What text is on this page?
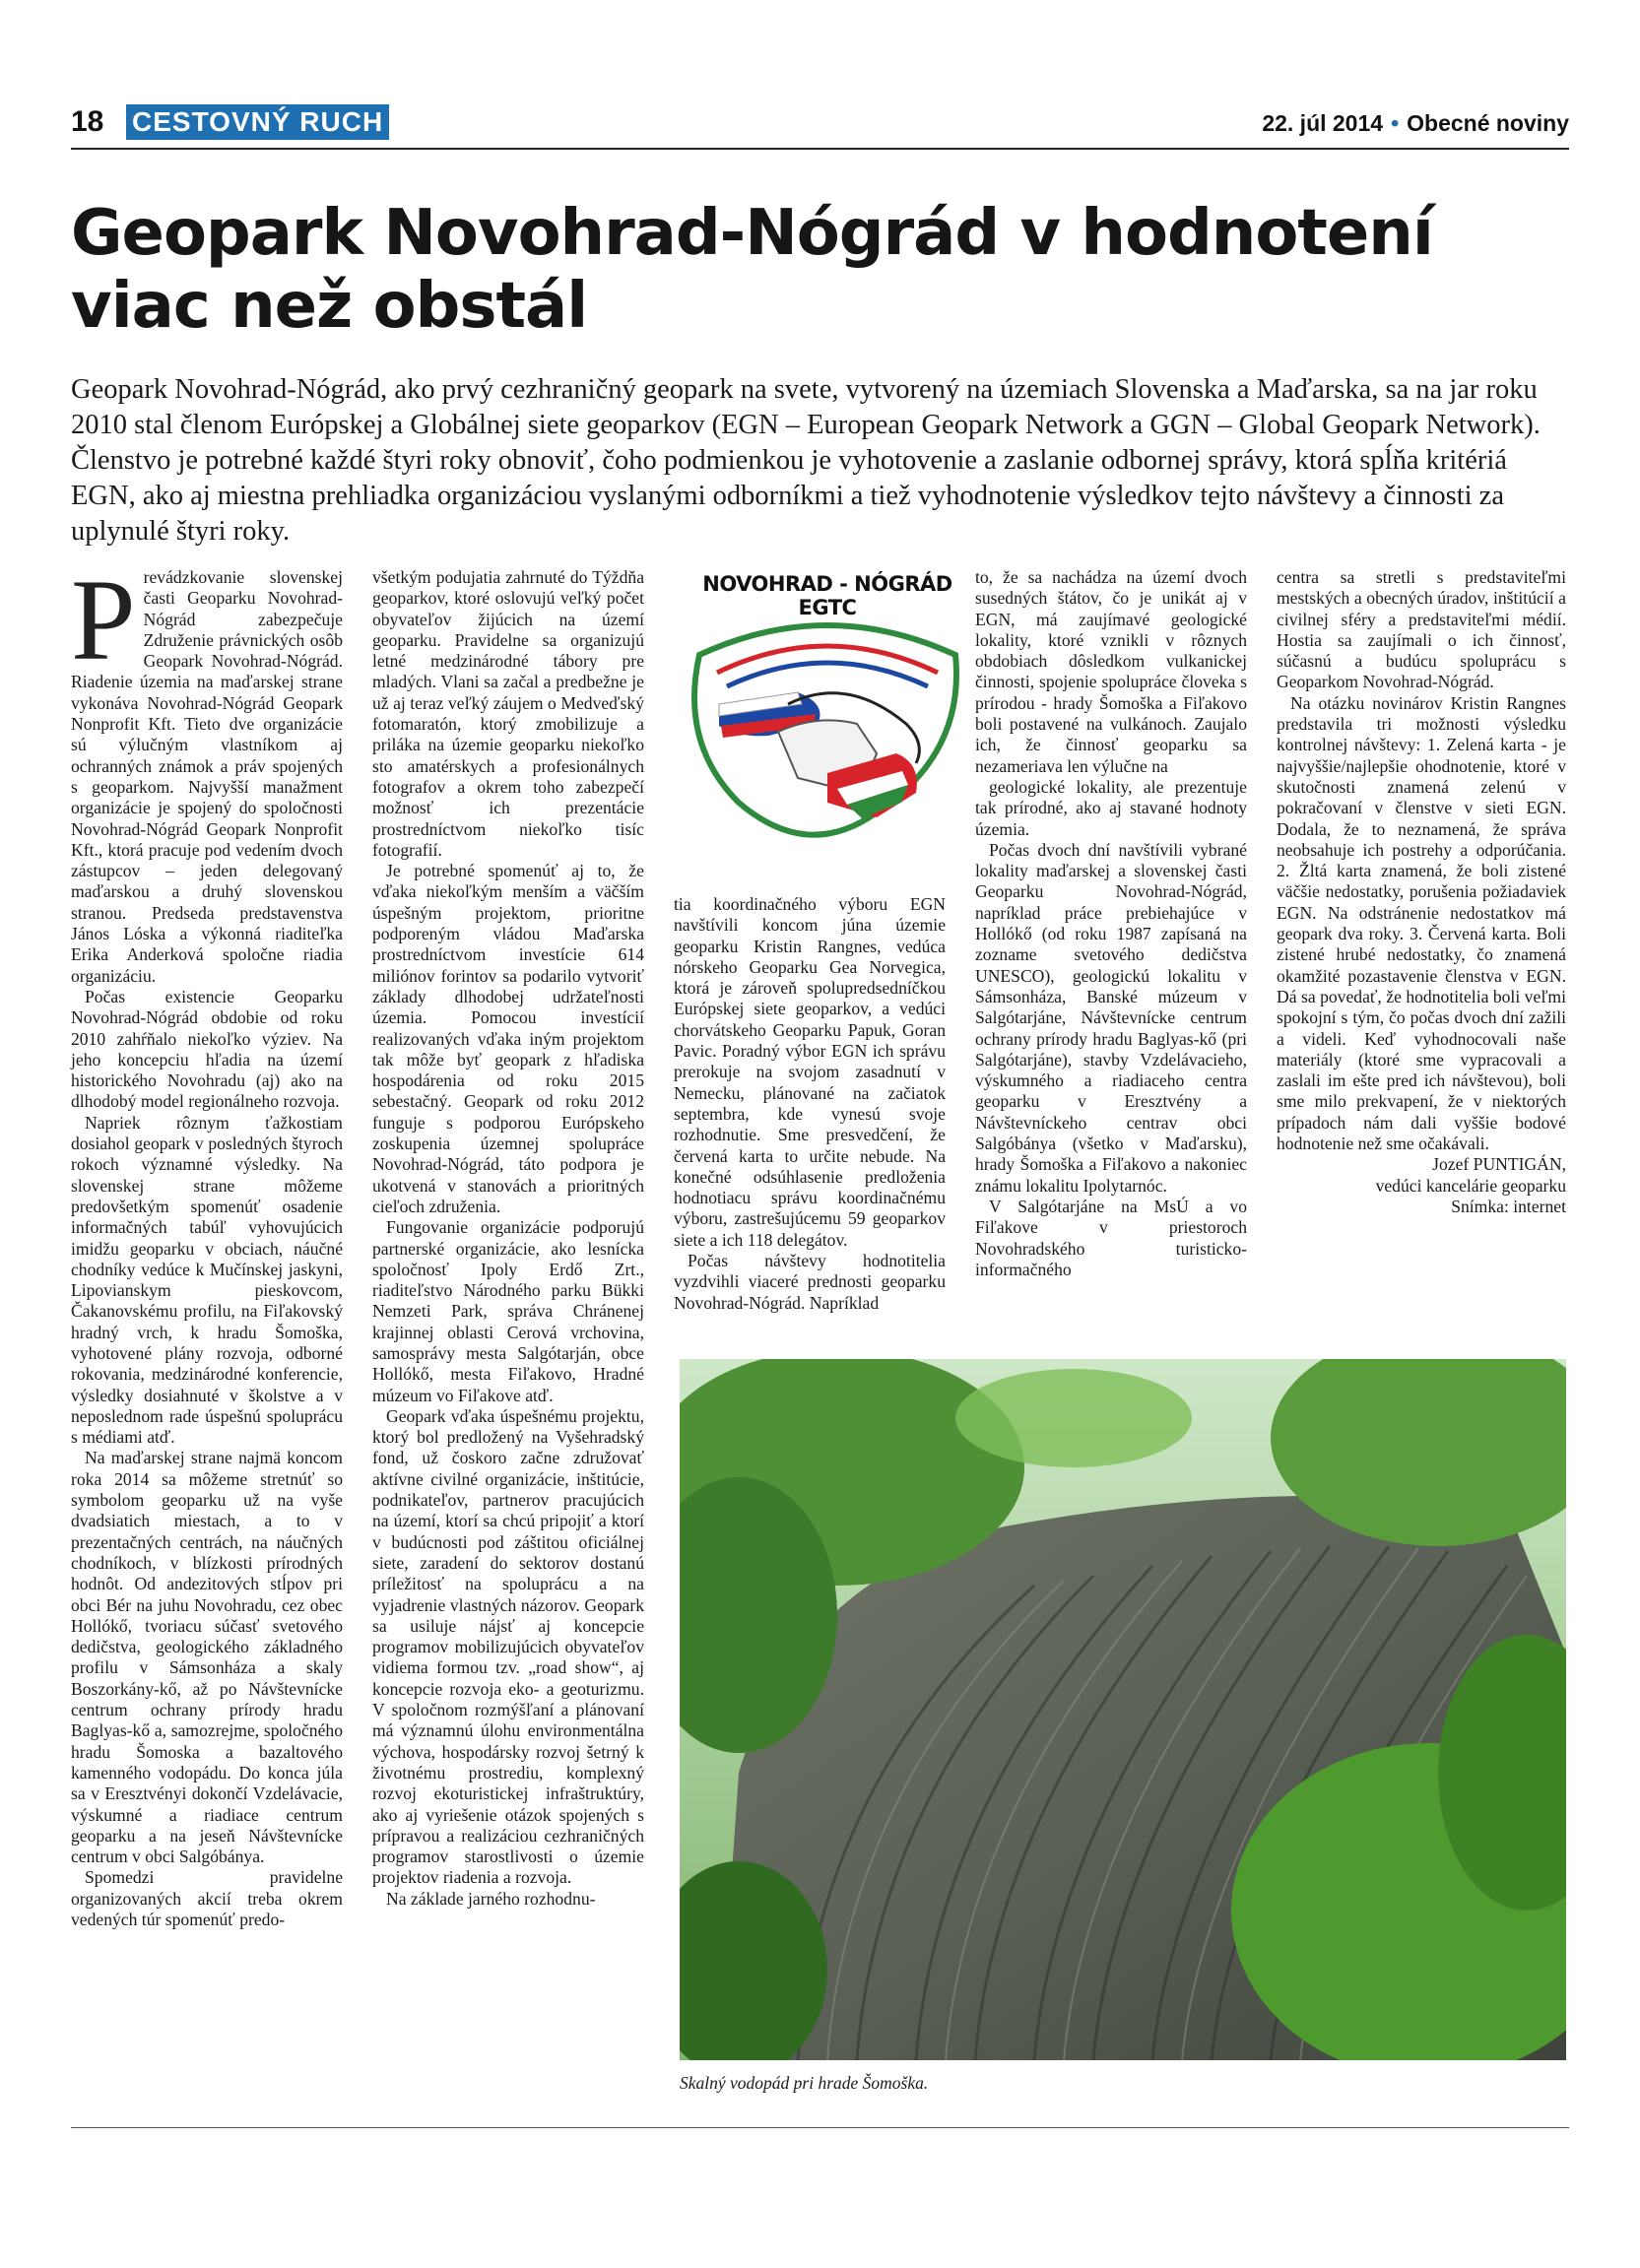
18 CESTOVNÝ RUCH	22. júl 2014 • Obecné noviny
Geopark Novohrad-Nógrád v hodnotení
viac než obstál

Geopark Novohrad-Nógrád, ako prvý cezhraničný geopark na svete, vytvorený na územiach Slovenska a Maďarska, sa na jar roku 2010 stal členom Európskej a Globálnej siete geoparkov (EGN – European Geopark Network a GGN – Global Geopark Network). Členstvo je potrebné každé štyri roky obnoviť, čoho podmienkou je vyhotovenie a zaslanie odbornej správy, ktorá spĺňa kritériá EGN, ako aj miestna prehliadka organizáciou vyslanými odborníkmi a tiež vyhodnotenie výsledkov tejto návštevy a činnosti za uplynulé štyri roky.

Prevádzkovanie slovenskej časti Geoparku Novohrad-Nógrád zabezpečuje Združenie právnických osôb Geopark Novohrad-Nógrád. Riadenie územia na maďarskej strane vykonáva Novohrad-Nógrád Geopark Nonprofit Kft. Tieto dve organizácie sú výlučným vlastníkom aj ochranných známok a práv spojených s geoparkom. Najvyšší manažment organizácie je spojený do spoločnosti Novohrad-Nógrád Geopark Nonprofit Kft., ktorá pracuje pod vedením dvoch zástupcov – jeden delegovaný maďarskou a druhý slovenskou stranou. Predseda predstavenstva János Lóska a výkonná riaditeľka Erika Anderková spoločne riadia organizáciu.

Počas existencie Geoparku Novohrad-Nógrád obdobie od roku 2010 zahŕňalo niekoľko výziev. Na jeho koncepciu hľadia na území historického Novohradu (aj) ako na dlhodobý model regionálneho rozvoja.

Napriek rôznym ťažkostiam dosiahol geopark v posledných štyroch rokoch významné výsledky. Na slovenskej strane môžeme predovšetkým spomenúť osadenie informačných tabúľ vyhovujúcich imidžu geoparku v obciach, náučné chodníky vedúce k Mučínskej jaskyni, Lipovianskym pieskovcom, Čakanovskému profilu, na Fiľakovský hradný vrch, k hradu Šomoška, vyhotovené plány rozvoja, odborné rokovania, medzinárodné konferencie, výsledky dosiahnuté v školstve a v neposlednom rade úspešnú spoluprácu s médiami atď.

Na maďarskej strane najmä koncom roka 2014 sa môžeme stretnúť so symbolom geoparku už na vyše dvadsiatich miestach, a to v prezentačných centrách, na náučných chodníkoch, v blízkosti prírodných hodnôt. Od andezitových stĺpov pri obci Bér na juhu Novohradu, cez obec Hollókő, tvoriacu súčasť svetového dedičstva, geologického základného profilu v Sámsonháza a skaly Boszorkány-kő, až po Návštevnícke centrum ochrany prírody hradu Baglyas-kő a, samozrejme, spoločného hradu Šomoska a bazaltového kamenného vodopádu. Do konca júla sa v Eresztvényi dokončí Vzdelávacie, výskumné a riadiace centrum geoparku a na jeseň Návštevnícke centrum v obci Salgóbánya.

Spomedzi pravidelne organizovaných akcií treba okrem vedených túr spomenúť predo-

všetkým podujatia zahrnuté do Týždňa geoparkov, ktoré oslovujú veľký počet obyvateľov žijúcich na území geoparku. Pravidelne sa organizujú letné medzinárodné tábory pre mladých. Vlani sa začal a predbežne je už aj teraz veľký záujem o Medveďský fotomaratón, ktorý zmobilizuje a priláka na územie geoparku niekoľko sto amatérskych a profesionálnych fotografov a okrem toho zabezpečí možnosť ich prezentácie prostredníctvom niekoľko tisíc fotografií.

Je potrebné spomenúť aj to, že vďaka niekoľkým menším a väčším úspešným projektom, prioritne podporeným vládou Maďarska prostredníctvom investície 614 miliónov forintov sa podarilo vytvoriť základy dlhodobej udržateľnosti územia. Pomocou investícií realizovaných vďaka iným projektom tak môže byť geopark z hľadiska hospodárenia od roku 2015 sebestačný. Geopark od roku 2012 funguje s podporou Európskeho zoskupenia územnej spolupráce Novohrad-Nógrád, táto podpora je ukotvená v stanovách a prioritných cieľoch združenia.

Fungovanie organizácie podporujú partnerské organizácie, ako lesnícka spoločnosť Ipoly Erdő Zrt., riaditeľstvo Národného parku Bükki Nemzeti Park, správa Chránenej krajinnej oblasti Cerová vrchovina, samosprávy mesta Salgótarján, obce Hollókő, mesta Fiľakovo, Hradné múzeum vo Fiľakove atď.

Geopark vďaka úspešnému projektu, ktorý bol predložený na Vyšehradský fond, už čoskoro začne združovať aktívne civilné organizácie, inštitúcie, podnikateľov, partnerov pracujúcich na území, ktorí sa chcú pripojiť a ktorí v budúcnosti pod záštitou oficiálnej siete, zaradení do sektorov dostanú príležitosť na spoluprácu a na vyjadrenie vlastných názorov. Geopark sa usiluje nájsť aj koncepcie programov mobilizujúcich obyvateľov vidiema formou tzv. „road show“, aj koncepcie rozvoja eko- a geoturizmu. V spoločnom rozmýšľaní a plánovaní má významnú úlohu environmentálna výchova, hospodársky rozvoj šetrný k životnému prostrediu, komplexný rozvoj ekoturistickej infraštruktúry, ako aj vyriešenie otázok spojených s prípravou a realizáciou cezhraničných programov starostlivosti o územie projektov riadenia a rozvoja.

Na základe jarného rozhodnu-

NOVOHRAD - NÓGRÁD EGTC

tia koordinačného výboru EGN navštívili koncom júna územie geoparku Kristin Rangnes, vedúca nórskeho Geoparku Gea Norvegica, ktorá je zároveň spolupredsedníčkou Európskej siete geoparkov, a vedúci chorvátskeho Geoparku Papuk, Goran Pavic. Poradný výbor EGN ich správu prerokuje na svojom zasadnutí v Nemecku, plánované na začiatok septembra, kde vynesú svoje rozhodnutie. Sme presvedčení, že červená karta to určite nebude. Na konečné odsúhlasenie predloženia hodnotiacu správu koordinačnému výboru, zastrešujúcemu 59 geoparkov siete a ich 118 delegátov.

Počas návštevy hodnotitelia vyzdvihli viaceré prednosti geoparku Novohrad-Nógrád. Napríklad

to, že sa nachádza na území dvoch susedných štátov, čo je unikát aj v EGN, má zaujímavé geologické lokality, ktoré vznikli v rôznych obdobiach dôsledkom vulkanickej činnosti, spojenie spolupráce človeka s prírodou - hrady Šomoška a Fiľakovo boli postavené na vulkánoch. Zaujalo ich, že činnosť geoparku sa nezameriava len výlučne na

geologické lokality, ale prezentuje tak prírodné, ako aj stavané hodnoty územia.

Počas dvoch dní navštívili vybrané lokality maďarskej a slovenskej časti Geoparku Novohrad-Nógrád, napríklad práce prebiehajúce v Hollókő (od roku 1987 zapísaná na zozname svetového dedičstva UNESCO), geologickú lokalitu v Sámsonháza, Banské múzeum v Salgótarjáne, Návštevnícke centrum ochrany prírody hradu Baglyas-kő (pri Salgótarjáne), stavby Vzdelávacieho, výskumného a riadiaceho centra geoparku v Eresztvény a Návštevníckeho centrav obci Salgóbánya (všetko v Maďarsku), hrady Šomoška a Fiľakovo a nakoniec známu lokalitu Ipolytarnóc.

V Salgótarjáne na MsÚ a vo Fiľakove v priestoroch Novohradského turisticko-informačného

centra sa stretli s predstaviteľmi mestských a obecných úradov, inštitúcií a civilnej sféry a predstaviteľmi médií. Hostia sa zaujímali o ich činnosť, súčasnú a budúcu spoluprácu s Geoparkom Novohrad-Nógrád.

Na otázku novinárov Kristin Rangnes predstavila tri možnosti výsledku kontrolnej návštevy: 1. Zelená karta - je najvyššie/najlepšie ohodnotenie, ktoré v skutočnosti znamená zelenú v pokračovaní v členstve v sieti EGN. Dodala, že to neznamená, že správa neobsahuje ich postrehy a odporúčania. 2. Žltá karta znamená, že boli zistené väčšie nedostatky, porušenia požiadaviek EGN. Na odstránenie nedostatkov má geopark dva roky. 3. Červená karta. Boli zistené hrubé nedostatky, čo znamená okamžité pozastavenie členstva v EGN. Dá sa povedať, že hodnotitelia boli veľmi spokojní s tým, čo počas dvoch dní zažili a videli. Keď vyhodnocovali naše materiály (ktoré sme vypracovali a zaslali im ešte pred ich návštevou), boli sme milo prekvapení, že v niektorých prípadoch nám dali vyššie bodové hodnotenie než sme očakávali.

Jozef PUNTIGÁN,

vedúci kancelárie geoparku

Snímka: internet

Skalný vodopád pri hrade Šomoška.
